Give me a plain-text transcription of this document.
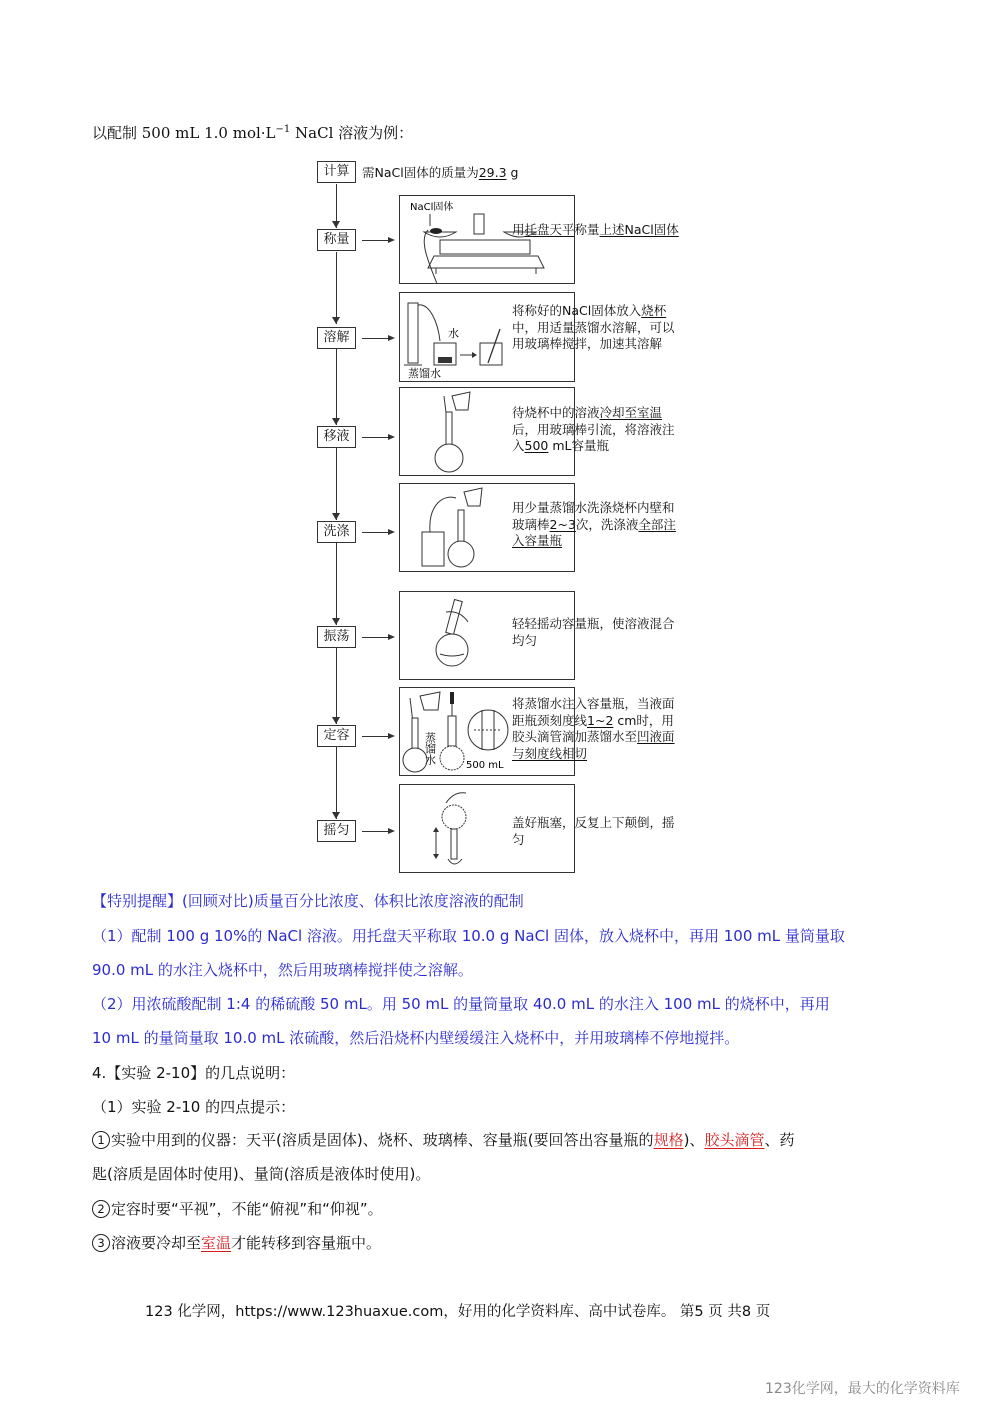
以配制 500 mL 1.0 $mol\cdot L^{-1}$ NaCl 溶液为例：
计算	需NaCl固体的质量为29.3 g
称量
NaCl固体
用托盘天平称量上述NaCl固体
溶解	水
蒸馏水
将称好的NaCl固体放入烧杯中，用适量蒸馏水溶解，可以用玻璃棒搅拌，加速其溶解
移液
待烧杯中的溶液冷却至室温后，用玻璃棒引流，将溶液注入500 mL容量瓶
洗涤
用少量蒸馏水洗涤烧杯内壁和玻璃棒2~3次，洗涤液全部注入容量瓶
振荡
轻轻摇动容量瓶，使溶液混合均匀
定容	蒸馏水
500 mL
将蒸馏水注入容量瓶，当液面距瓶颈刻度线1~2 cm时，用胶头滴管滴加蒸馏水至凹液面与刻度线相切
摇匀
盖好瓶塞，反复上下颠倒，摇匀
【特别提醒】(回顾对比)质量百分比浓度、体积比浓度溶液的配制
（1）配制 100 g 10%的 NaCl 溶液。用托盘天平称取 10.0 g NaCl 固体，放入烧杯中，再用 100 mL 量筒量取
90.0 mL 的水注入烧杯中，然后用玻璃棒搅拌使之溶解。
（2）用浓硫酸配制 1:4 的稀硫酸 50 mL。用 50 mL 的量筒量取 40.0 mL 的水注入 100 mL 的烧杯中，再用
10 mL 的量筒量取 10.0 mL 浓硫酸，然后沿烧杯内壁缓缓注入烧杯中，并用玻璃棒不停地搅拌。
4.【实验 2-10】的几点说明：
（1）实验 2-10 的四点提示：
1 实验中用到的仪器：天平(溶质是固体)、烧杯、玻璃棒、容量瓶(要回答出容量瓶的规格)、胶头滴管、药
匙(溶质是固体时使用)、量筒(溶质是液体时使用)。
2 定容时要“平视”，不能“俯视”和“仰视”。
3 溶液要冷却至室温才能转移到容量瓶中。
123 化学网，https://www.123huaxue.com，好用的化学资料库、高中试卷库。 第5 页 共8 页
123化学网，最大的化学资料库
